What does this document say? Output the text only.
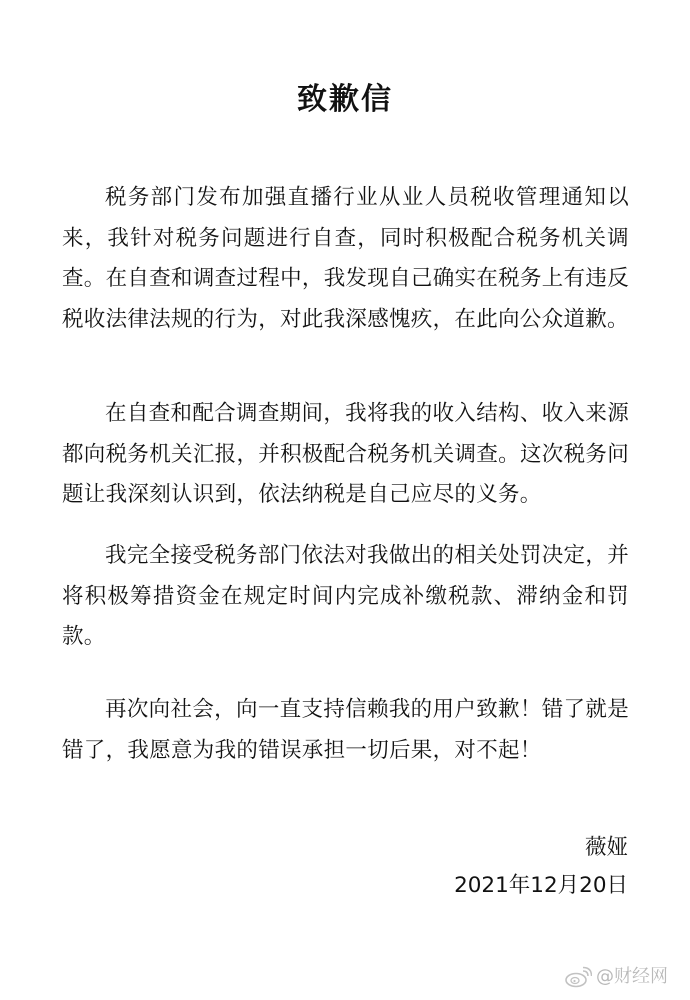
致歉信

税务部门发布加强直播行业从业人员税收管理通知以来，我针对税务问题进行自查，同时积极配合税务机关调查。在自查和调查过程中，我发现自己确实在税务上有违反税收法律法规的行为，对此我深感愧疚，在此向公众道歉。

在自查和配合调查期间，我将我的收入结构、收入来源都向税务机关汇报，并积极配合税务机关调查。这次税务问题让我深刻认识到，依法纳税是自己应尽的义务。

我完全接受税务部门依法对我做出的相关处罚决定，并将积极筹措资金在规定时间内完成补缴税款、滞纳金和罚款。

再次向社会，向一直支持信赖我的用户致歉！错了就是错了，我愿意为我的错误承担一切后果，对不起！

薇娅
2021年12月20日
@财经网
